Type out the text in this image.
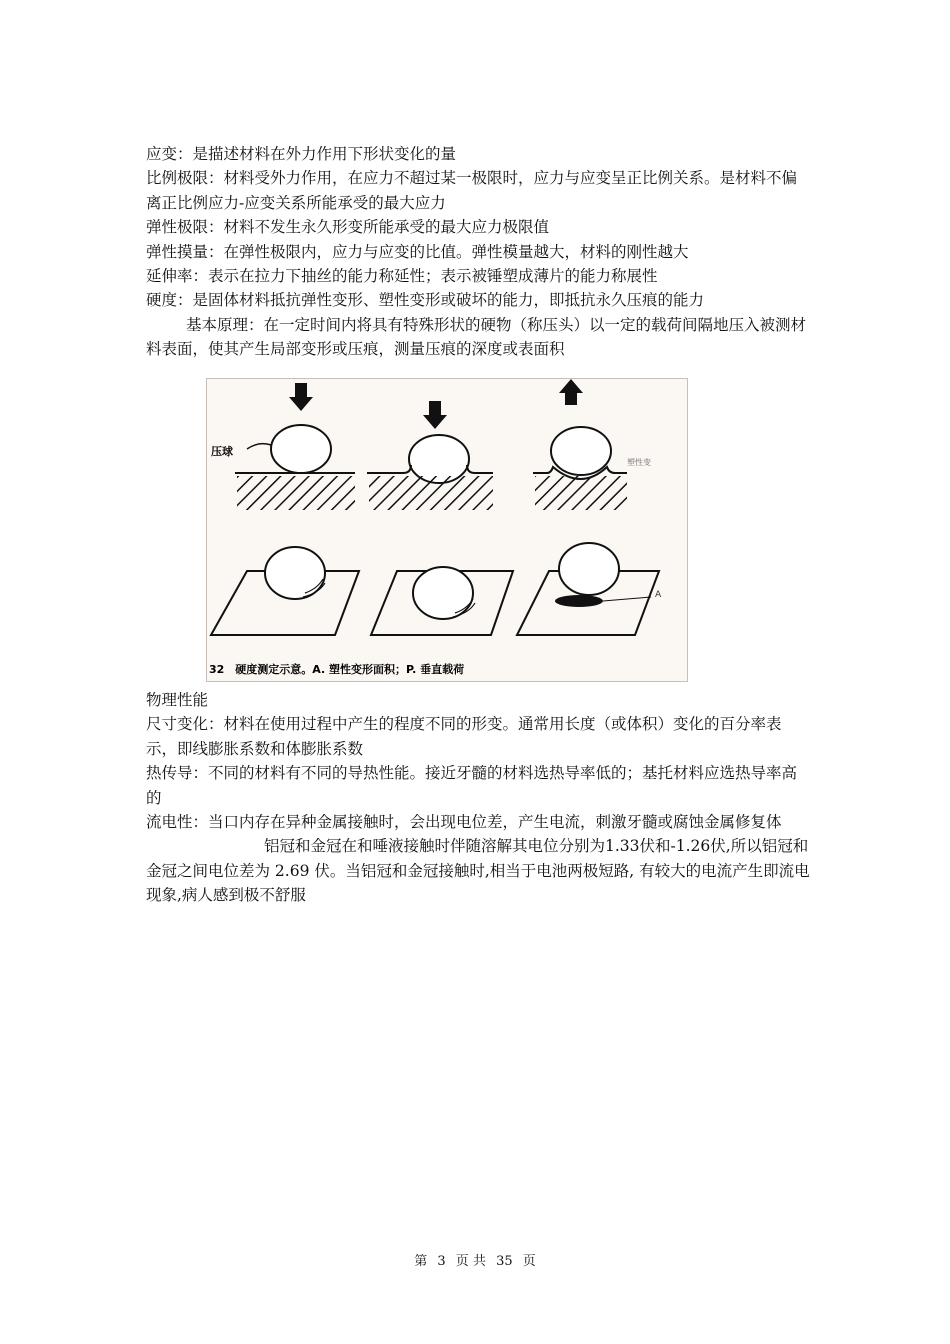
应变：是描述材料在外力作用下形状变化的量

比例极限：材料受外力作用，在应力不超过某一极限时，应力与应变呈正比例关系。是材料不偏离正比例应力-应变关系所能承受的最大应力

弹性极限：材料不发生永久形变所能承受的最大应力极限值

弹性摸量：在弹性极限内，应力与应变的比值。弹性模量越大，材料的刚性越大

延伸率：表示在拉力下抽丝的能力称延性；表示被锤塑成薄片的能力称展性

硬度：是固体材料抵抗弹性变形、塑性变形或破坏的能力，即抵抗永久压痕的能力

基本原理：在一定时间内将具有特殊形状的硬物（称压头）以一定的载荷间隔地压入被测材料表面，使其产生局部变形或压痕，测量压痕的深度或表面积

压球
塑性变
A
32　硬度测定示意。A. 塑性变形面积；P. 垂直载荷

物理性能

尺寸变化：材料在使用过程中产生的程度不同的形变。通常用长度（或体积）变化的百分率表示，即线膨胀系数和体膨胀系数

热传导：不同的材料有不同的导热性能。接近牙髓的材料选热导率低的；基托材料应选热导率高的

流电性：当口内存在异种金属接触时，会出现电位差，产生电流，刺激牙髓或腐蚀金属修复体

铝冠和金冠在和唾液接触时伴随溶解其电位分别为1.33伏和-1.26伏,所以铝冠和金冠之间电位差为 2.69 伏。当铝冠和金冠接触时,相当于电池两极短路, 有较大的电流产生即流电现象,病人感到极不舒服

第 3 页 共 35 页
